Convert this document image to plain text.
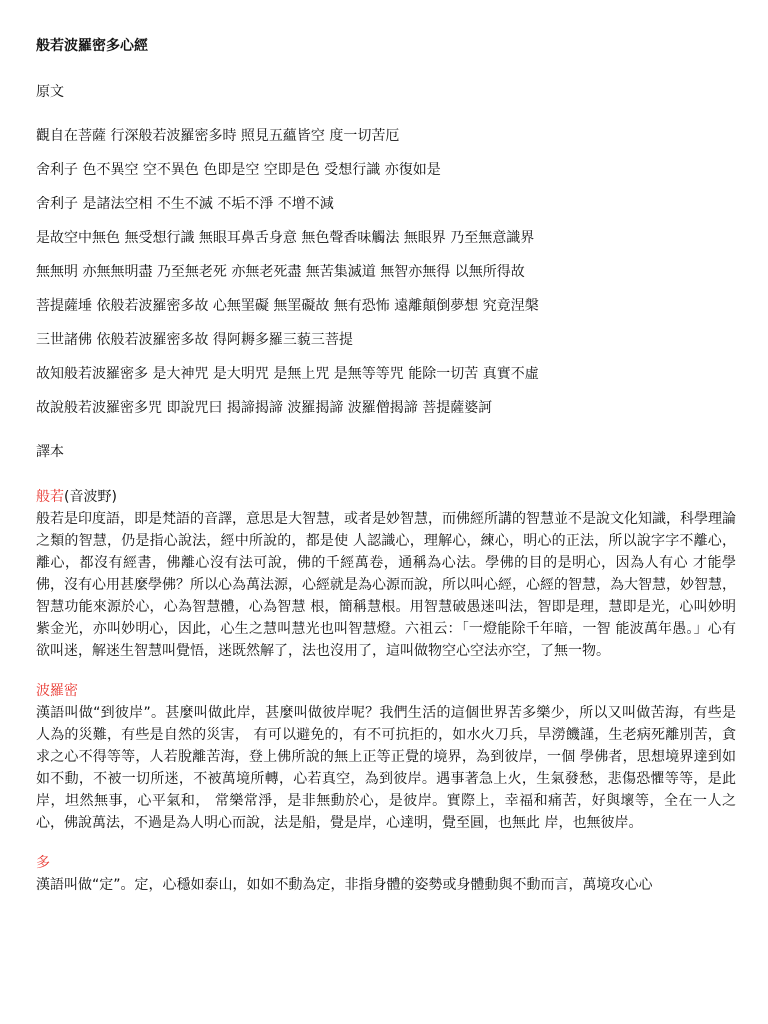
般若波羅密多心經
原文
觀自在菩薩 行深般若波羅密多時 照見五蘊皆空 度一切苦厄
舍利子 色不異空 空不異色 色即是空 空即是色 受想行識 亦復如是
舍利子 是諸法空相 不生不滅 不垢不淨 不增不減
是故空中無色 無受想行識 無眼耳鼻舌身意 無色聲香味觸法 無眼界 乃至無意識界
無無明 亦無無明盡 乃至無老死 亦無老死盡 無苦集滅道 無智亦無得 以無所得故
菩提薩埵 依般若波羅密多故 心無罣礙 無罣礙故 無有恐怖 遠離顛倒夢想 究竟涅槃
三世諸佛 依般若波羅密多故 得阿耨多羅三藐三菩提
故知般若波羅密多 是大神咒 是大明咒 是無上咒 是無等等咒 能除一切苦 真實不虛
故說般若波羅密多咒 即說咒曰 揭諦揭諦 波羅揭諦 波羅僧揭諦 菩提薩婆訶
譯本
般若(音波野)
般若是印度語，即是梵語的音譯，意思是大智慧，或者是妙智慧，而佛經所講的智慧並不是說文化知識，科學理論之類的智慧，仍是指心說法，經中所說的，都是使 人認識心，理解心，練心，明心的正法，所以說字字不離心，離心，都沒有經書，佛離心沒有法可說，佛的千經萬卷，通稱為心法。學佛的目的是明心，因為人有心 才能學佛，沒有心用甚麼學佛？所以心為萬法源，心經就是為心源而說，所以叫心經，心經的智慧，為大智慧，妙智慧，智慧功能來源於心，心為智慧體，心為智慧 根，簡稱慧根。用智慧破愚迷叫法，智即是理，慧即是光，心叫妙明紫金光，亦叫妙明心，因此，心生之慧叫慧光也叫智慧燈。六祖云：「一燈能除千年暗，一智 能波萬年愚。」心有欲叫迷，解迷生智慧叫覺悟，迷既然解了，法也沒用了，這叫做物空心空法亦空，了無一物。
波羅密
漢語叫做“到彼岸”。甚麼叫做此岸，甚麼叫做彼岸呢？我們生活的這個世界苦多樂少，所以又叫做苦海，有些是人為的災難，有些是自然的災害， 有可以避免的，有不可抗拒的，如水火刀兵，旱澇饑謹，生老病死離別苦，貪求之心不得等等，人若脫離苦海，登上佛所說的無上正等正覺的境界，為到彼岸，一個 學佛者，思想境界達到如如不動，不被一切所迷，不被萬境所轉，心若真空，為到彼岸。遇事著急上火，生氣發愁，悲傷恐懼等等，是此岸，坦然無事，心平氣和， 常樂常淨，是非無動於心，是彼岸。實際上，幸福和痛苦，好與壞等，全在一人之心，佛說萬法，不過是為人明心而說，法是船，覺是岸，心達明，覺至圓，也無此 岸，也無彼岸。
多
漢語叫做“定”。定，心穩如泰山，如如不動為定，非指身體的姿勢或身體動與不動而言，萬境攻心心
